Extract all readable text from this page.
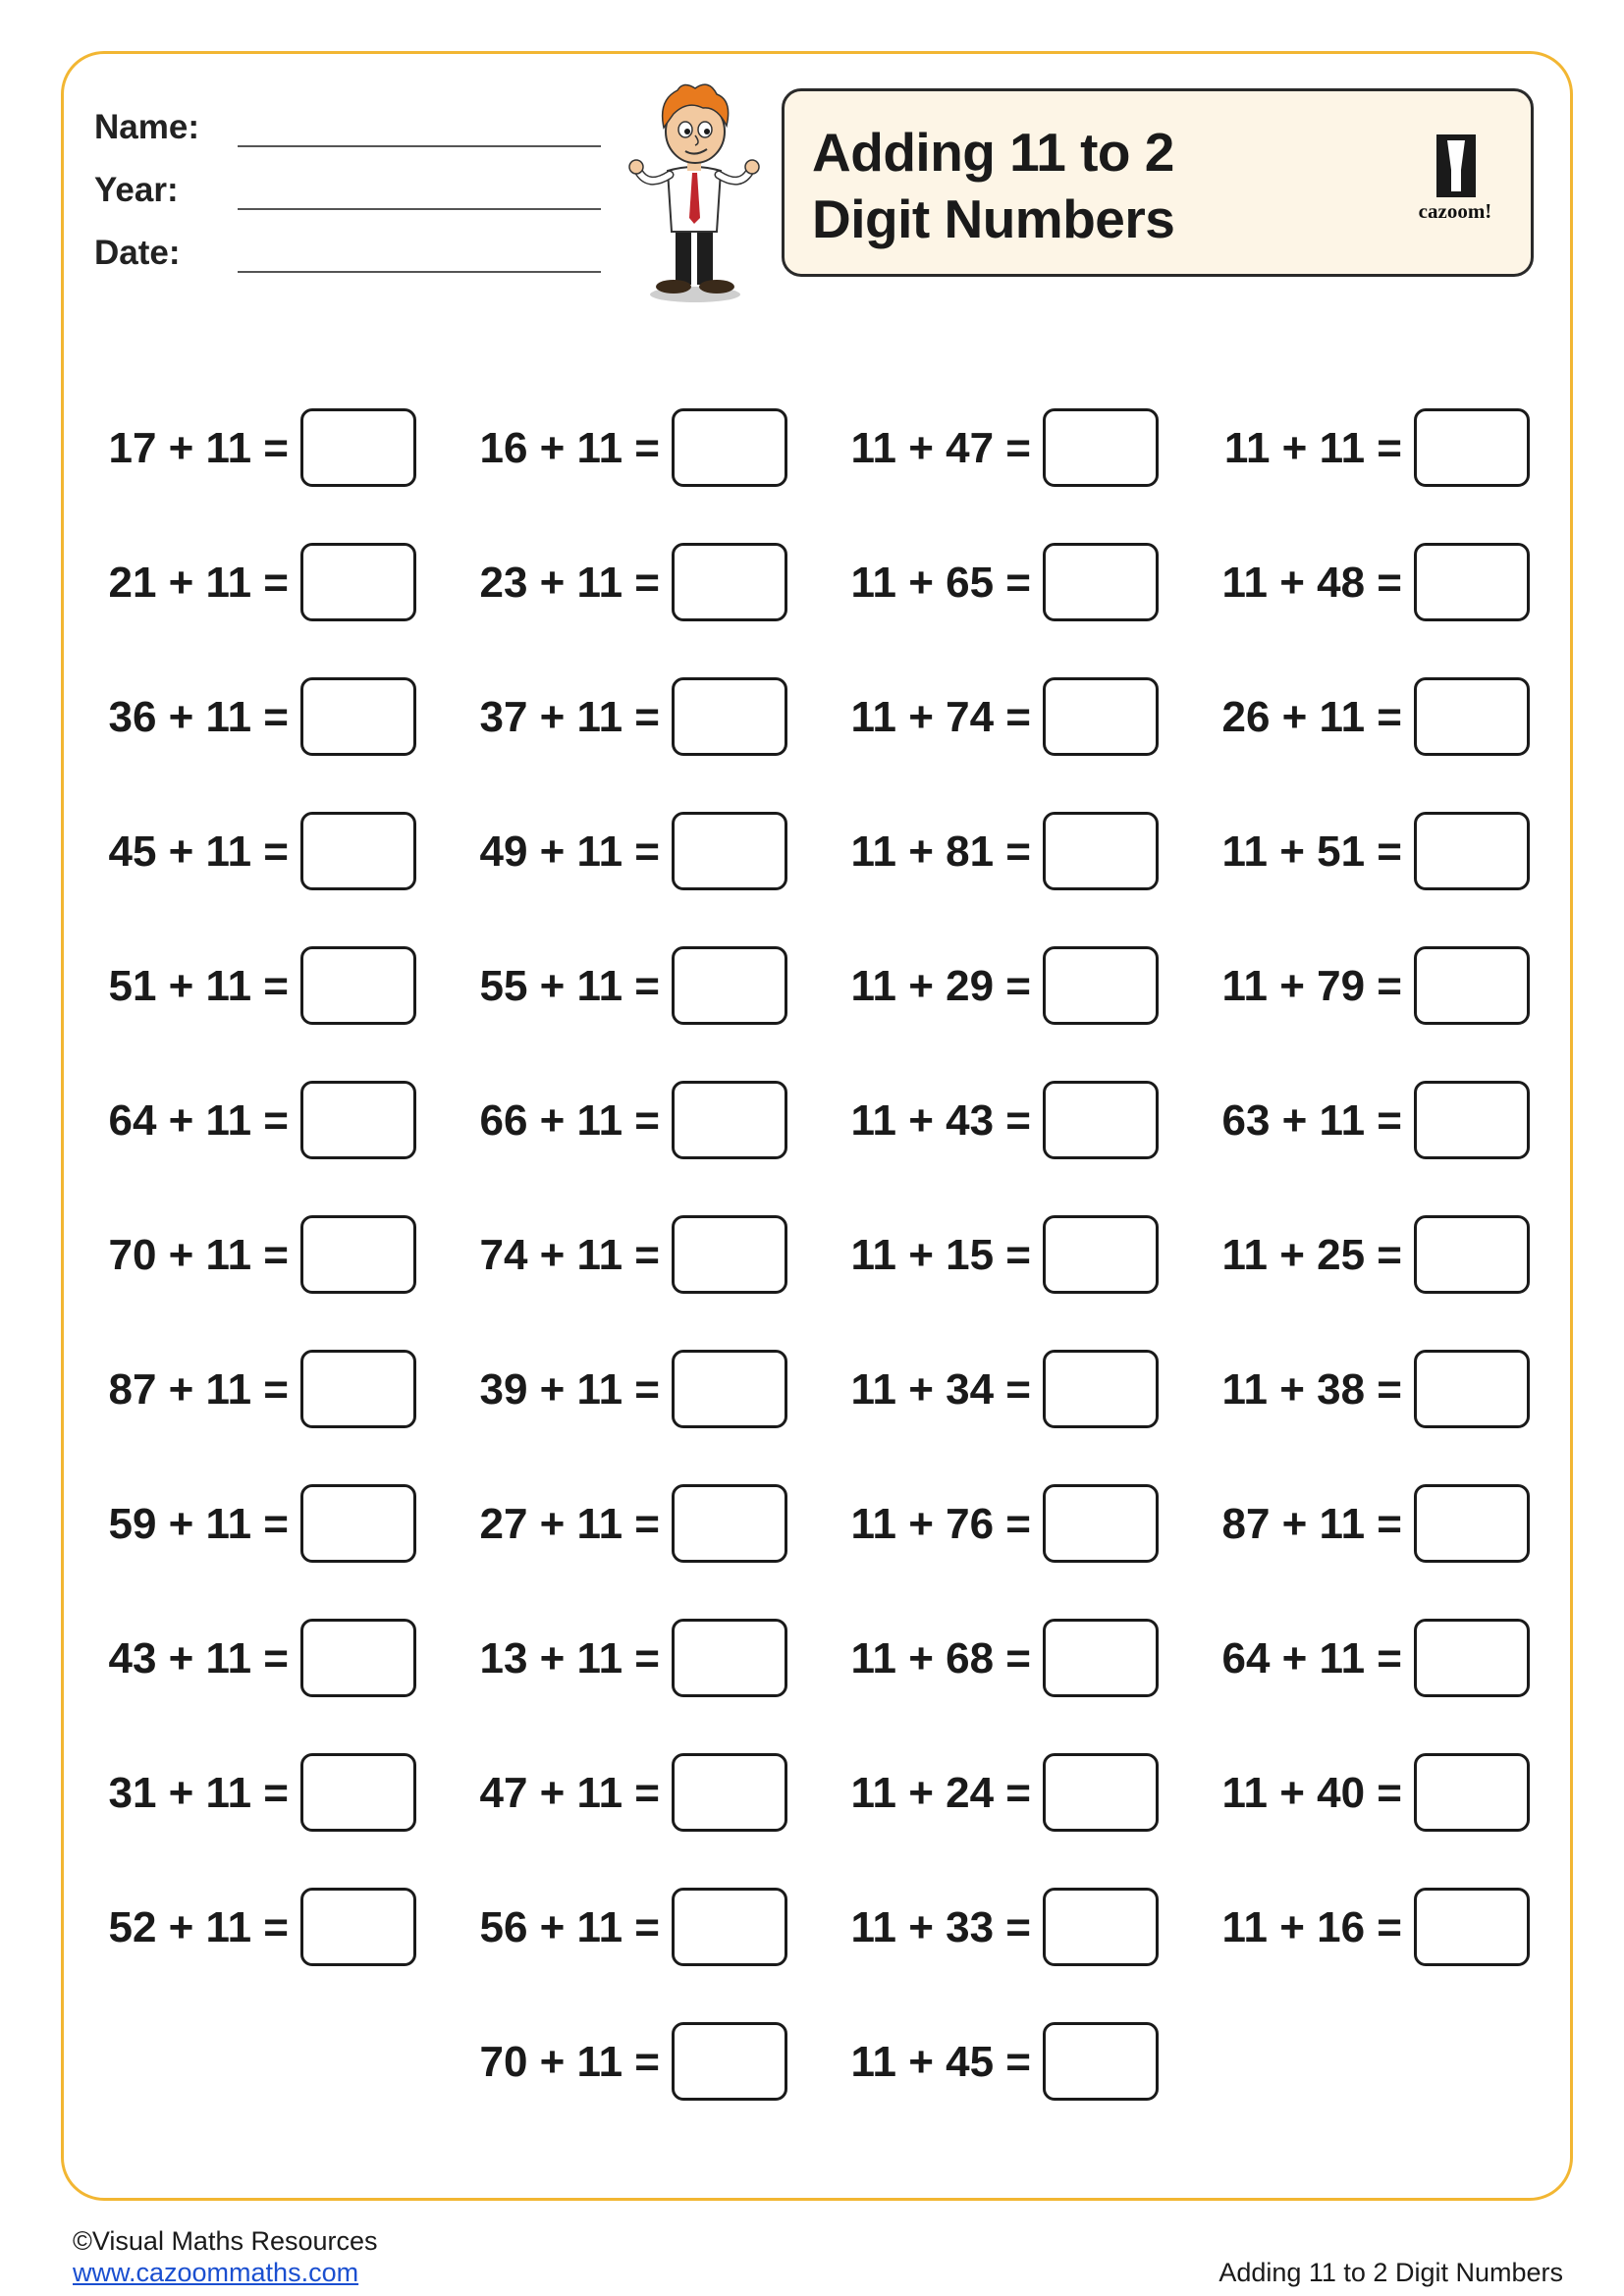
Name:
Year:
Date:
Adding 11 to 2
Digit Numbers	cazoom!
17 + 11 =	16 + 11 =	11 + 47 =	11 + 11 =
21 + 11 =	23 + 11 =	11 + 65 =	11 + 48 =
36 + 11 =	37 + 11 =	11 + 74 =	26 + 11 =
45 + 11 =	49 + 11 =	11 + 81 =	11 + 51 =
51 + 11 =	55 + 11 =	11 + 29 =	11 + 79 =
64 + 11 =	66 + 11 =	11 + 43 =	63 + 11 =
70 + 11 =	74 + 11 =	11 + 15 =	11 + 25 =
87 + 11 =	39 + 11 =	11 + 34 =	11 + 38 =
59 + 11 =	27 + 11 =	11 + 76 =	87 + 11 =
43 + 11 =	13 + 11 =	11 + 68 =	64 + 11 =
31 + 11 =	47 + 11 =	11 + 24 =	11 + 40 =
52 + 11 =	56 + 11 =	11 + 33 =	11 + 16 =
70 + 11 =	11 + 45 =
©Visual Maths Resources
www.cazoommaths.com	Adding 11 to 2 Digit Numbers
